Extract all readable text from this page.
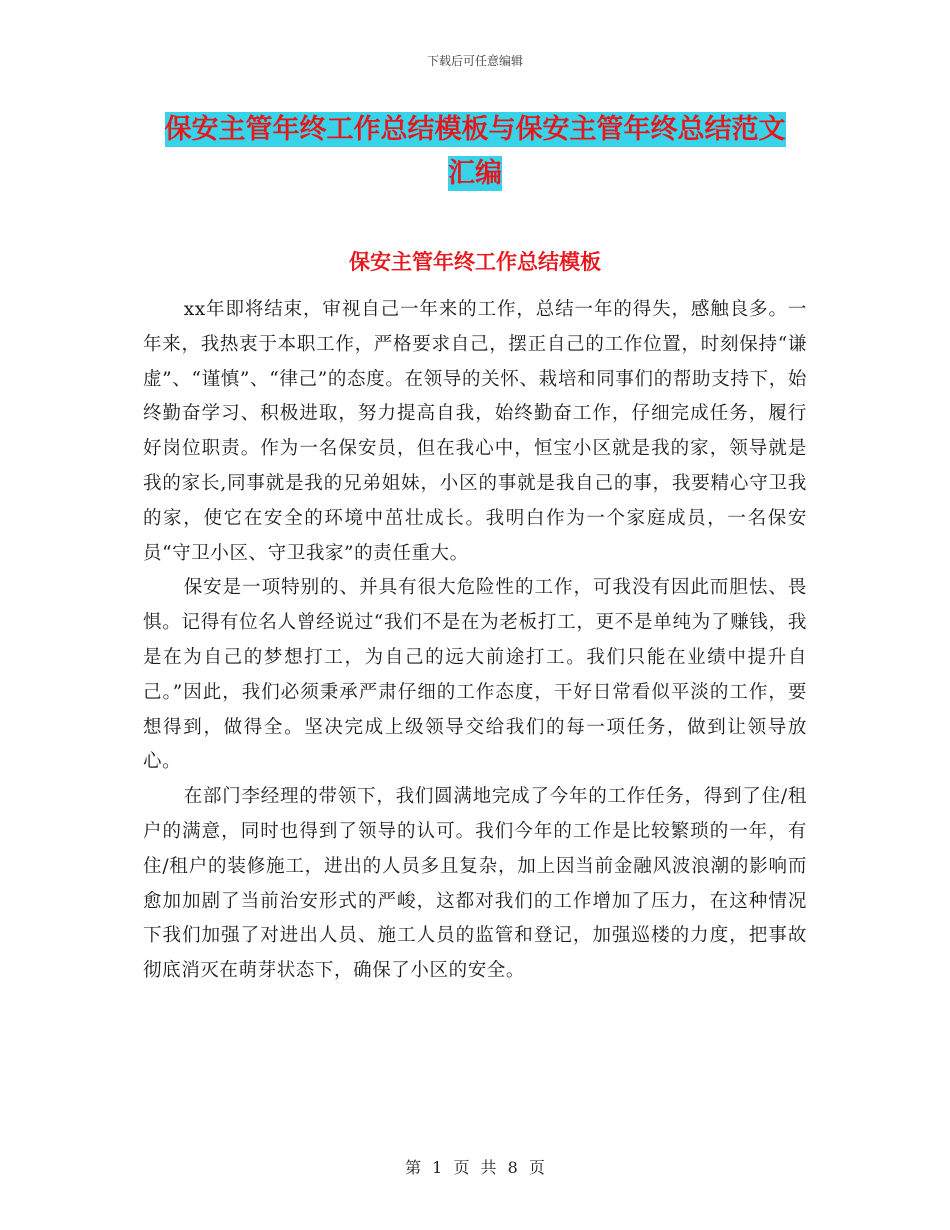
下载后可任意编辑
保安主管年终工作总结模板与保安主管年终总结范文
汇编
保安主管年终工作总结模板

xx年即将结束，审视自己一年来的工作，总结一年的得失，感触良多。一年来，我热衷于本职工作，严格要求自己，摆正自己的工作位置，时刻保持“谦虚”、“谨慎”、“律己”的态度。在领导的关怀、栽培和同事们的帮助支持下，始终勤奋学习、积极进取，努力提高自我，始终勤奋工作，仔细完成任务，履行好岗位职责。作为一名保安员，但在我心中，恒宝小区就是我的家，领导就是我的家长,同事就是我的兄弟姐妹，小区的事就是我自己的事，我要精心守卫我的家，使它在安全的环境中茁壮成长。我明白作为一个家庭成员，一名保安员“守卫小区、守卫我家”的责任重大。

保安是一项特别的、并具有很大危险性的工作，可我没有因此而胆怯、畏惧。记得有位名人曾经说过“我们不是在为老板打工，更不是单纯为了赚钱，我是在为自己的梦想打工，为自己的远大前途打工。我们只能在业绩中提升自己。”因此，我们必须秉承严肃仔细的工作态度，干好日常看似平淡的工作，要想得到，做得全。坚决完成上级领导交给我们的每一项任务，做到让领导放心。

在部门李经理的带领下，我们圆满地完成了今年的工作任务，得到了住/租户的满意，同时也得到了领导的认可。我们今年的工作是比较繁琐的一年，有住/租户的装修施工，进出的人员多且复杂，加上因当前金融风波浪潮的影响而愈加加剧了当前治安形式的严峻，这都对我们的工作增加了压力，在这种情况下我们加强了对进出人员、施工人员的监管和登记，加强巡楼的力度，把事故彻底消灭在萌芽状态下，确保了小区的安全。

第 1 页 共 8 页
